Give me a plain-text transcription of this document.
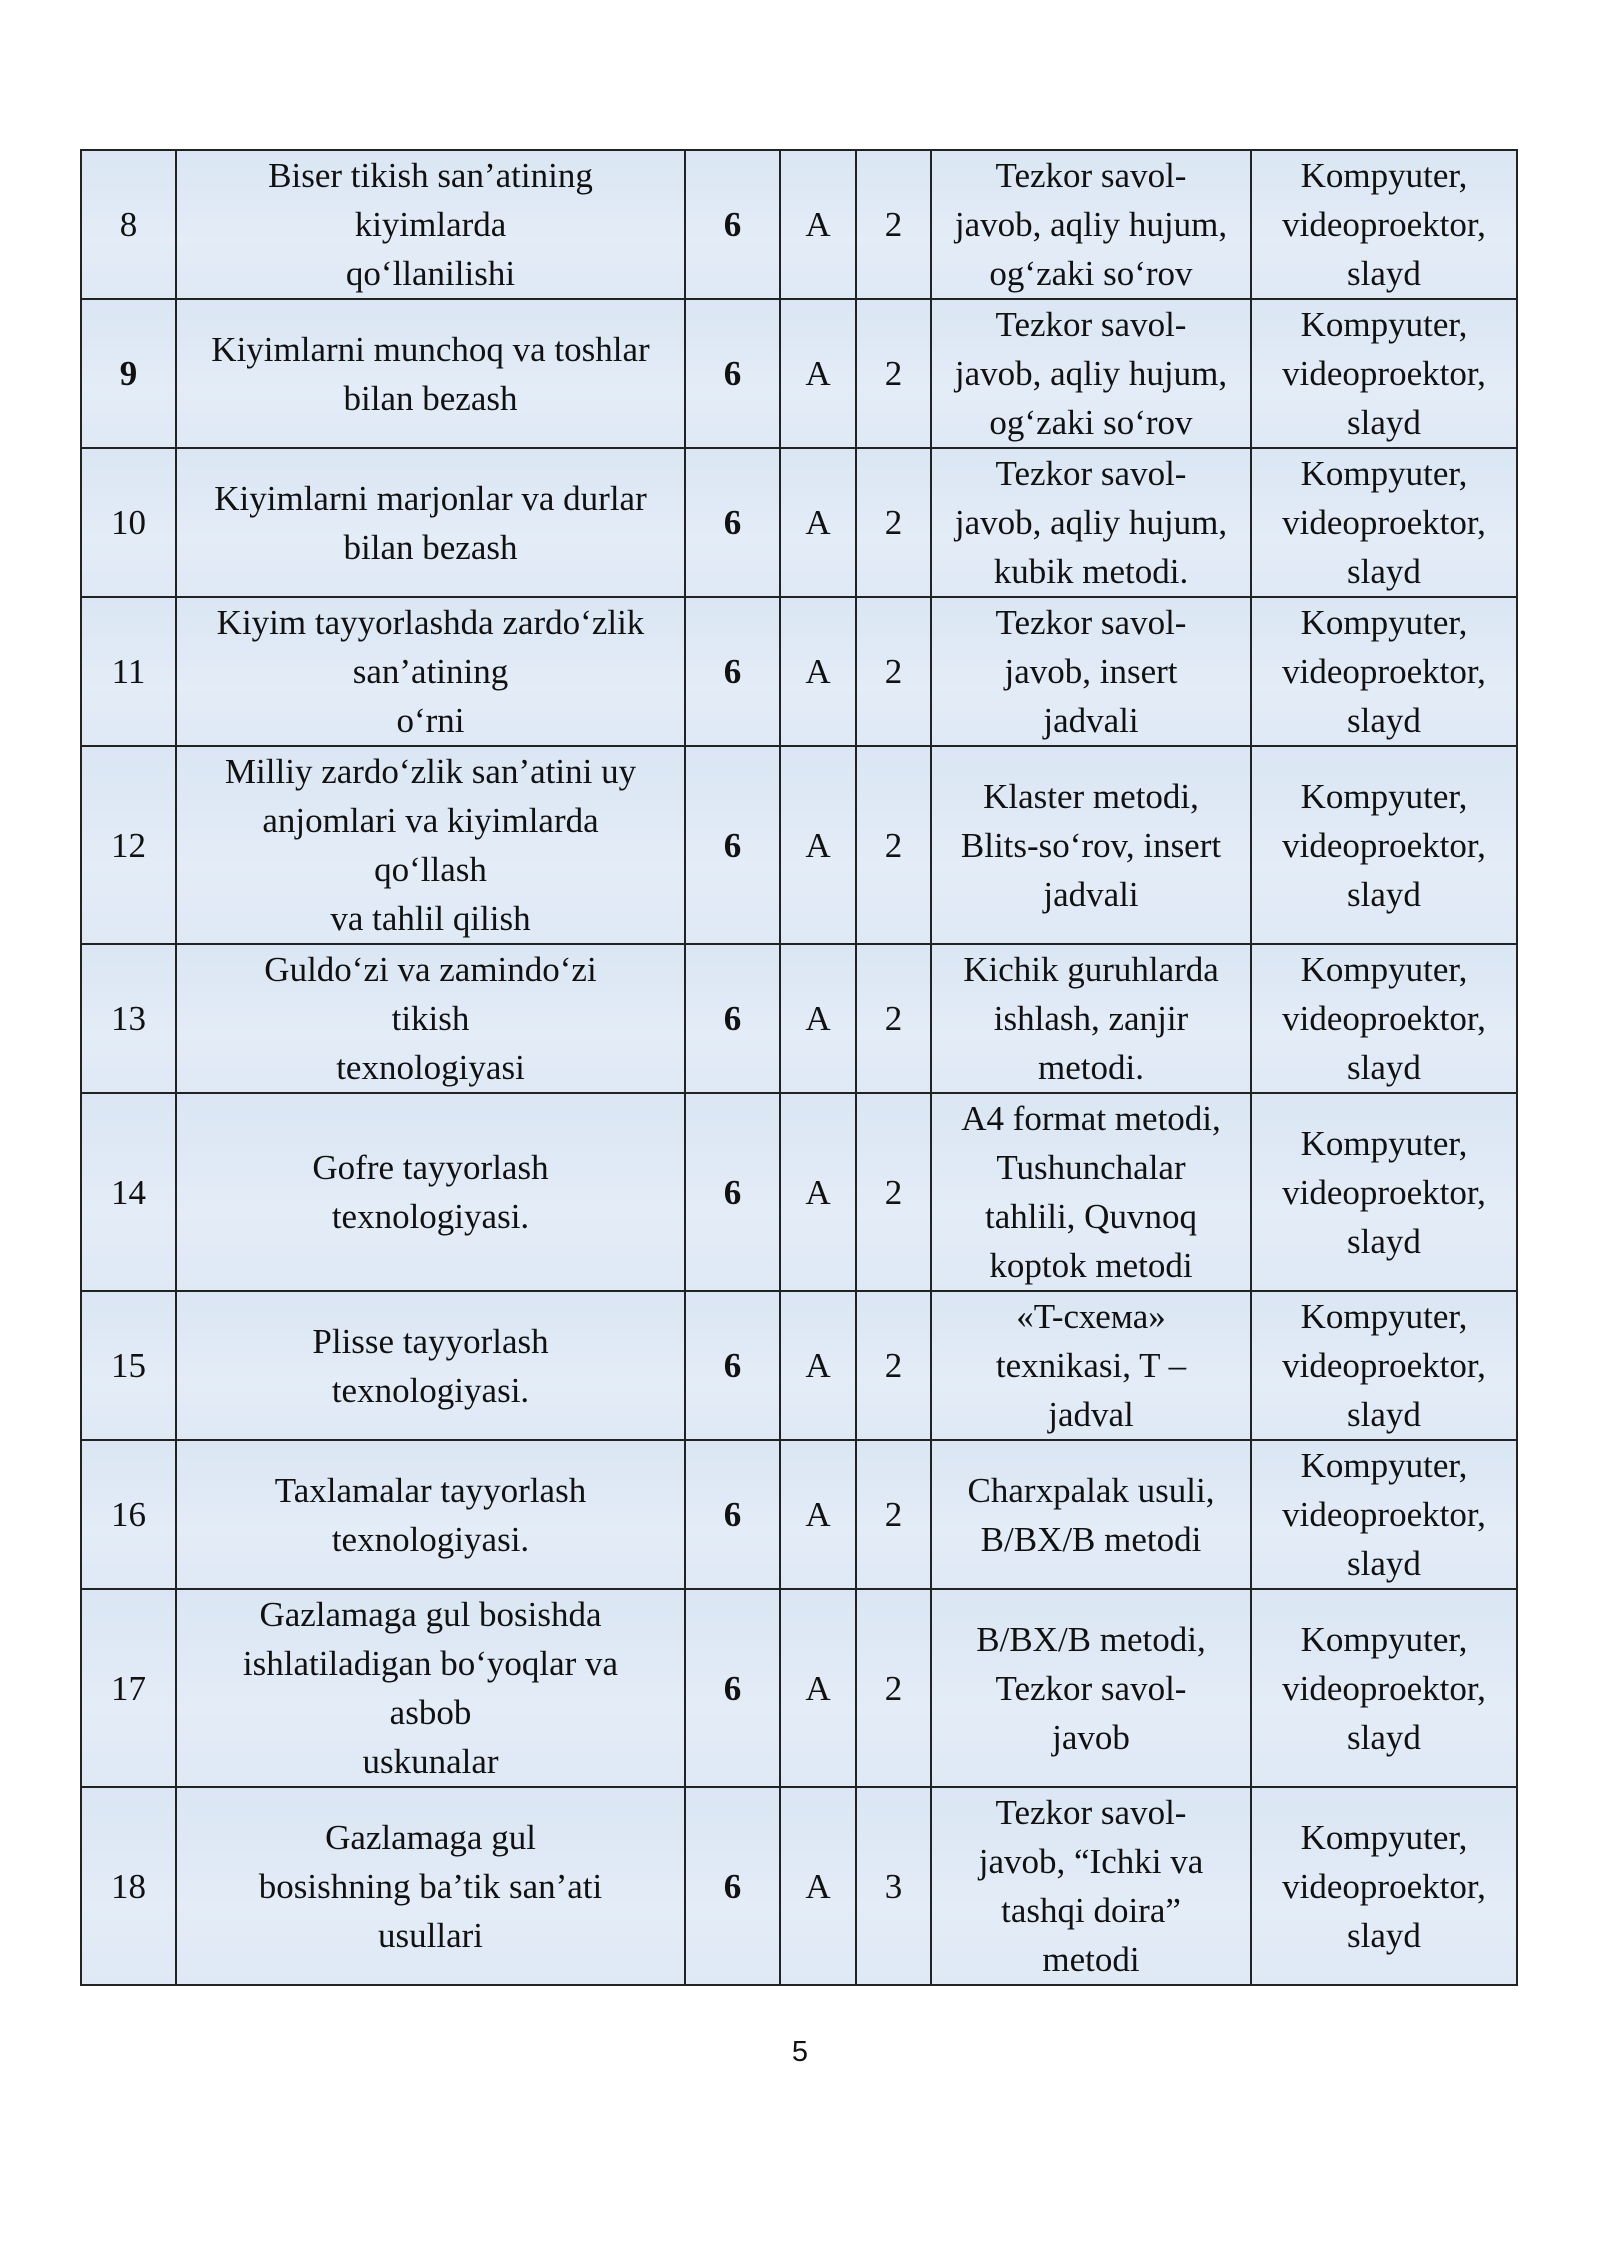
8	Biser tikish san’atining
kiyimlarda
qo‘llanilishi	6	A	2	Tezkor savol-
javob, aqliy hujum,
og‘zaki so‘rov	Kompyuter,
videoproektor,
slayd
9	Kiyimlarni munchoq va toshlar
bilan bezash	6	A	2	Tezkor savol-
javob, aqliy hujum,
og‘zaki so‘rov	Kompyuter,
videoproektor,
slayd
10	Kiyimlarni marjonlar va durlar
bilan bezash	6	A	2	Tezkor savol-
javob, aqliy hujum,
kubik metodi.	Kompyuter,
videoproektor,
slayd
11	Kiyim tayyorlashda zardo‘zlik
san’atining
o‘rni	6	A	2	Tezkor savol-
javob, insert
jadvali	Kompyuter,
videoproektor,
slayd
12	Milliy zardo‘zlik san’atini uy
anjomlari va kiyimlarda
qo‘llash
va tahlil qilish	6	A	2	Klaster metodi,
Blits-so‘rov, insert
jadvali	Kompyuter,
videoproektor,
slayd
13	Guldo‘zi va zamindo‘zi
tikish
texnologiyasi	6	A	2	Kichik guruhlarda
ishlash, zanjir
metodi.	Kompyuter,
videoproektor,
slayd
14	Gofre tayyorlash
texnologiyasi.	6	A	2	A4 format metodi,
Tushunchalar
tahlili, Quvnoq
koptok metodi	Kompyuter,
videoproektor,
slayd
15	Plisse tayyorlash
texnologiyasi.	6	A	2	«T-схема»
texnikasi, T –
jadval	Kompyuter,
videoproektor,
slayd
16	Taxlamalar tayyorlash
texnologiyasi.	6	A	2	Charxpalak usuli,
B/BX/B metodi	Kompyuter,
videoproektor,
slayd
17	Gazlamaga gul bosishda
ishlatiladigan bo‘yoqlar va
asbob
uskunalar	6	A	2	B/BX/B metodi,
Tezkor savol-
javob	Kompyuter,
videoproektor,
slayd
18	Gazlamaga gul
bosishning ba’tik san’ati
usullari	6	A	3	Tezkor savol-
javob, “Ichki va
tashqi doira”
metodi	Kompyuter,
videoproektor,
slayd
5
